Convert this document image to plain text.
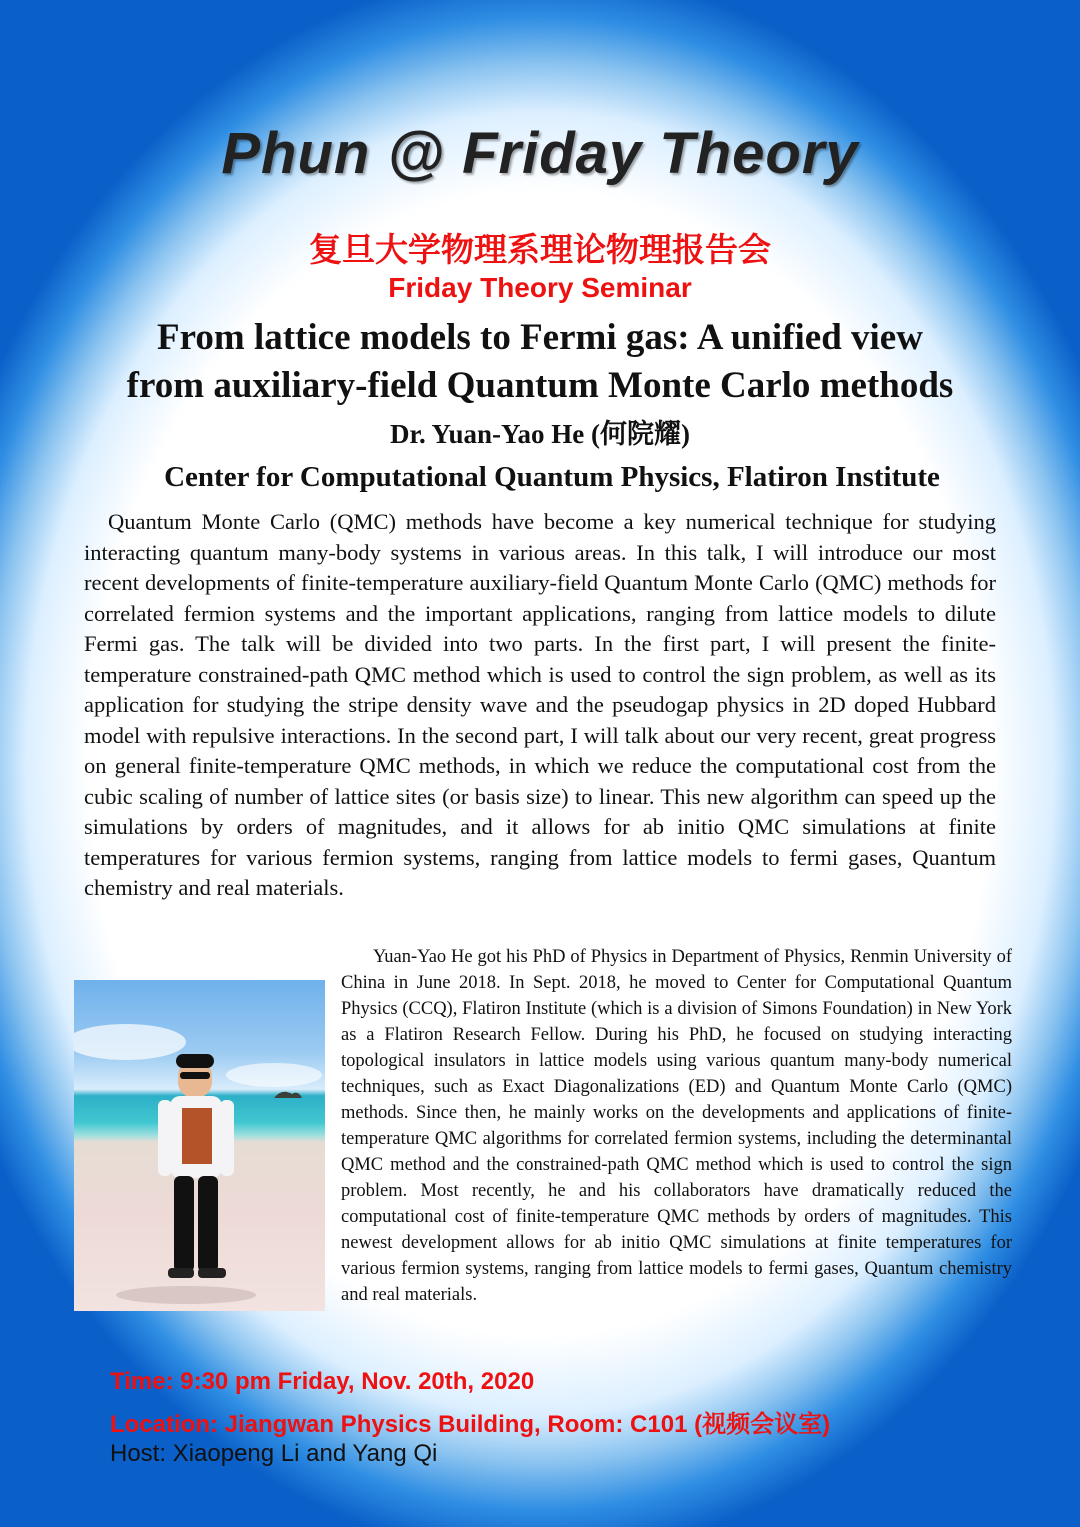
Phun @ Friday Theory
复旦大学物理系理论物理报告会
Friday Theory Seminar
From lattice models to Fermi gas: A unified view
from auxiliary-field Quantum Monte Carlo methods
Dr. Yuan-Yao He (何院耀)
Center for Computational Quantum Physics, Flatiron Institute

Quantum Monte Carlo (QMC) methods have become a key numerical technique for studying interacting quantum many-body systems in various areas. In this talk, I will introduce our most recent developments of finite-temperature auxiliary-field Quantum Monte Carlo (QMC) methods for correlated fermion systems and the important applications, ranging from lattice models to dilute Fermi gas. The talk will be divided into two parts. In the first part, I will present the finite-temperature constrained-path QMC method which is used to control the sign problem, as well as its application for studying the stripe density wave and the pseudogap physics in 2D doped Hubbard model with repulsive interactions. In the second part, I will talk about our very recent, great progress on general finite-temperature QMC methods, in which we reduce the computational cost from the cubic scaling of number of lattice sites (or basis size) to linear. This new algorithm can speed up the simulations by orders of magnitudes, and it allows for ab initio QMC simulations at finite temperatures for various fermion systems, ranging from lattice models to fermi gases, Quantum chemistry and real materials.

Yuan-Yao He got his PhD of Physics in Department of Physics, Renmin University of China in June 2018. In Sept. 2018, he moved to Center for Computational Quantum Physics (CCQ), Flatiron Institute (which is a division of Simons Foundation) in New York as a Flatiron Research Fellow. During his PhD, he focused on studying interacting topological insulators in lattice models using various quantum many-body numerical techniques, such as Exact Diagonalizations (ED) and Quantum Monte Carlo (QMC) methods. Since then, he mainly works on the developments and applications of finite-temperature QMC algorithms for correlated fermion systems, including the determinantal QMC method and the constrained-path QMC method which is used to control the sign problem. Most recently, he and his collaborators have dramatically reduced the computational cost of finite-temperature QMC methods by orders of magnitudes. This newest development allows for ab initio QMC simulations at finite temperatures for various fermion systems, ranging from lattice models to fermi gases, Quantum chemistry and real materials.

Time: 9:30 pm Friday, Nov. 20th, 2020
Location: Jiangwan Physics Building, Room: C101 (视频会议室)
Host: Xiaopeng Li and Yang Qi
